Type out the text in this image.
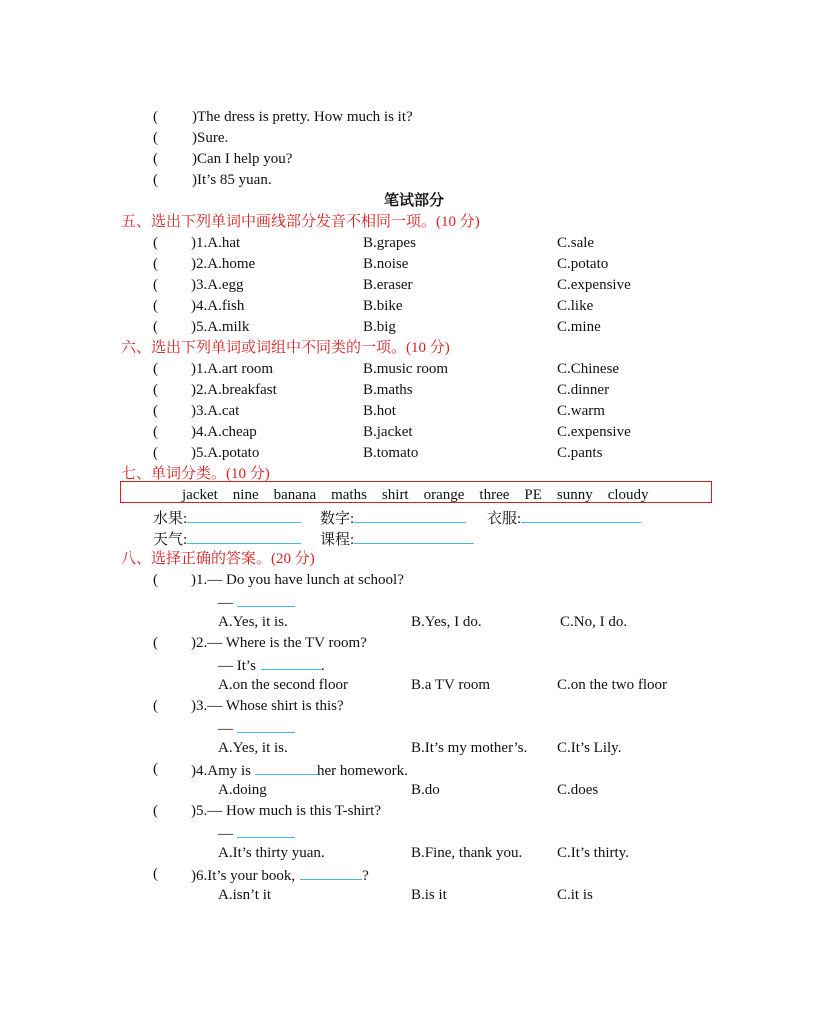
( )The dress is pretty. How much is it?
( )Sure.
( )Can I help you?
( )It’s 85 yuan.
笔试部分
五、选出下列单词中画线部分发音不相同一项。(10 分)
( )1.A.hat	B.grapes	C.sale
( )2.A.home	B.noise	C.potato
( )3.A.egg	B.eraser	C.expensive
( )4.A.fish	B.bike	C.like
( )5.A.milk	B.big	C.mine
六、选出下列单词或词组中不同类的一项。(10 分)
( )1.A.art room	B.music room	C.Chinese
( )2.A.breakfast	B.maths	C.dinner
( )3.A.cat	B.hot	C.warm
( )4.A.cheap	B.jacket	C.expensive
( )5.A.potato	B.tomato	C.pants
七、单词分类。(10 分)
jacket    nine    banana    maths    shirt    orange    three    PE    sunny    cloudy
水果:	数字:	衣服:
天气:	课程:
八、选择正确的答案。(20 分)
( )1.— Do you have lunch at school?
—
A.Yes, it is.	B.Yes, I do.	C.No, I do.
( )2.— Where is the TV room?
— It’s	.
A.on the second floor	B.a TV room	C.on the two floor
( )3.— Whose shirt is this?
—
A.Yes, it is.	B.It’s my mother’s. C.It’s Lily.
( )4.Amy is	her homework.
A.doing	B.do	C.does
( )5.— How much is this T-shirt?
—
A.It’s thirty yuan.	B.Fine, thank you. C.It’s thirty.
( )6.It’s your book,	?
A.isn’t it	B.is it	C.it is
